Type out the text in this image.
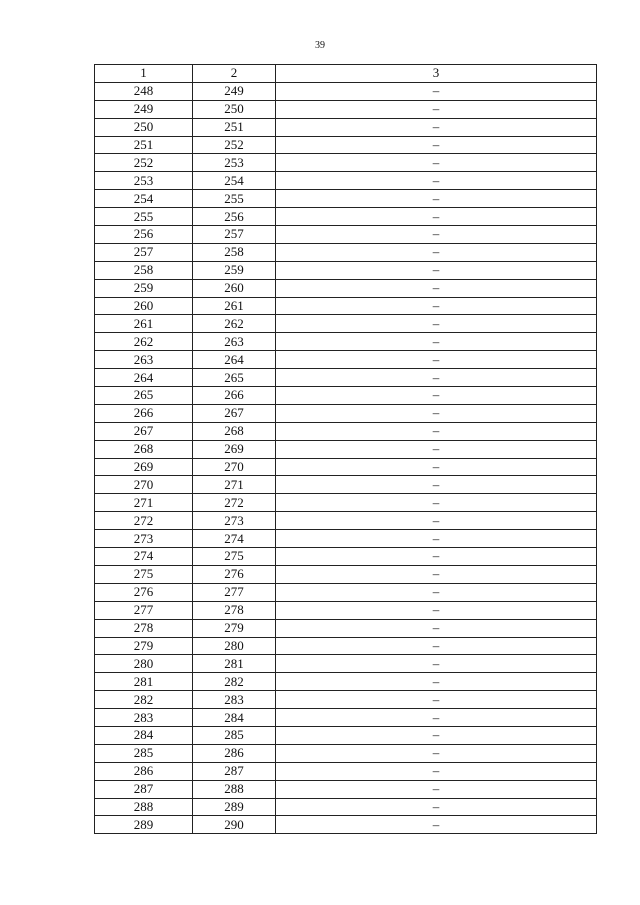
39
1	2	3
248	249	–
249	250	–
250	251	–
251	252	–
252	253	–
253	254	–
254	255	–
255	256	–
256	257	–
257	258	–
258	259	–
259	260	–
260	261	–
261	262	–
262	263	–
263	264	–
264	265	–
265	266	–
266	267	–
267	268	–
268	269	–
269	270	–
270	271	–
271	272	–
272	273	–
273	274	–
274	275	–
275	276	–
276	277	–
277	278	–
278	279	–
279	280	–
280	281	–
281	282	–
282	283	–
283	284	–
284	285	–
285	286	–
286	287	–
287	288	–
288	289	–
289	290	–
